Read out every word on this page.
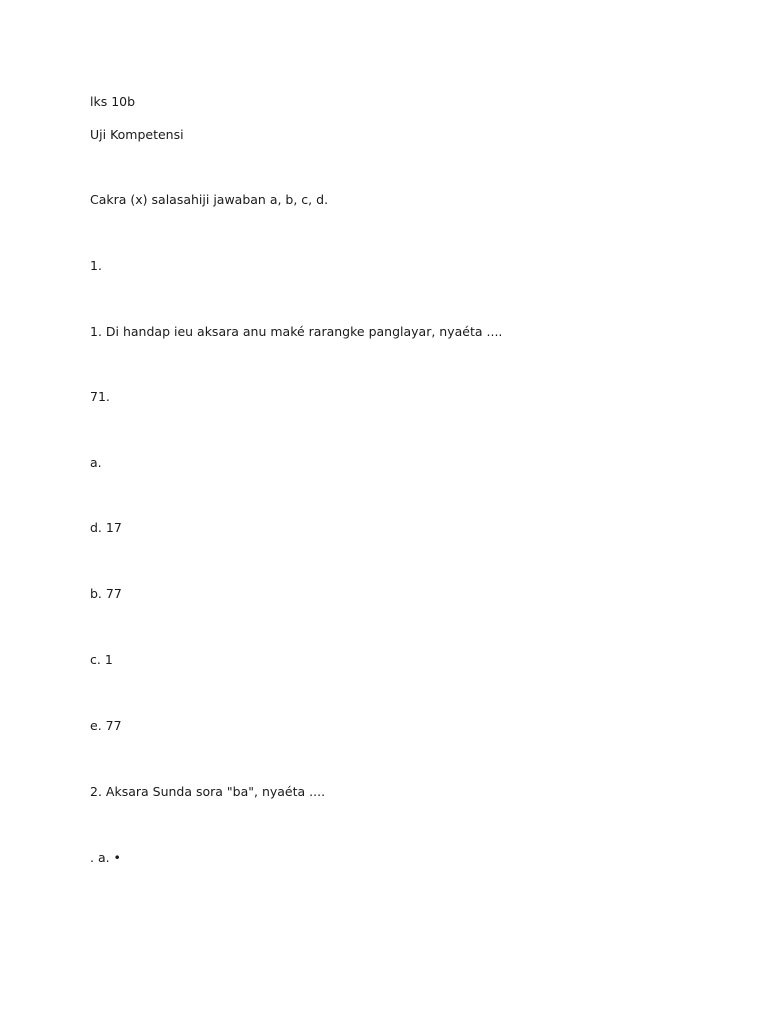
lks 10b
Uji Kompetensi
Cakra (x) salasahiji jawaban a, b, c, d.
1.
1. Di handap ieu aksara anu maké rarangke panglayar, nyaéta ....
71.
a.
d. 17
b. 77
c. 1
e. 77
2. Aksara Sunda sora "ba", nyaéta ....
. a. •
